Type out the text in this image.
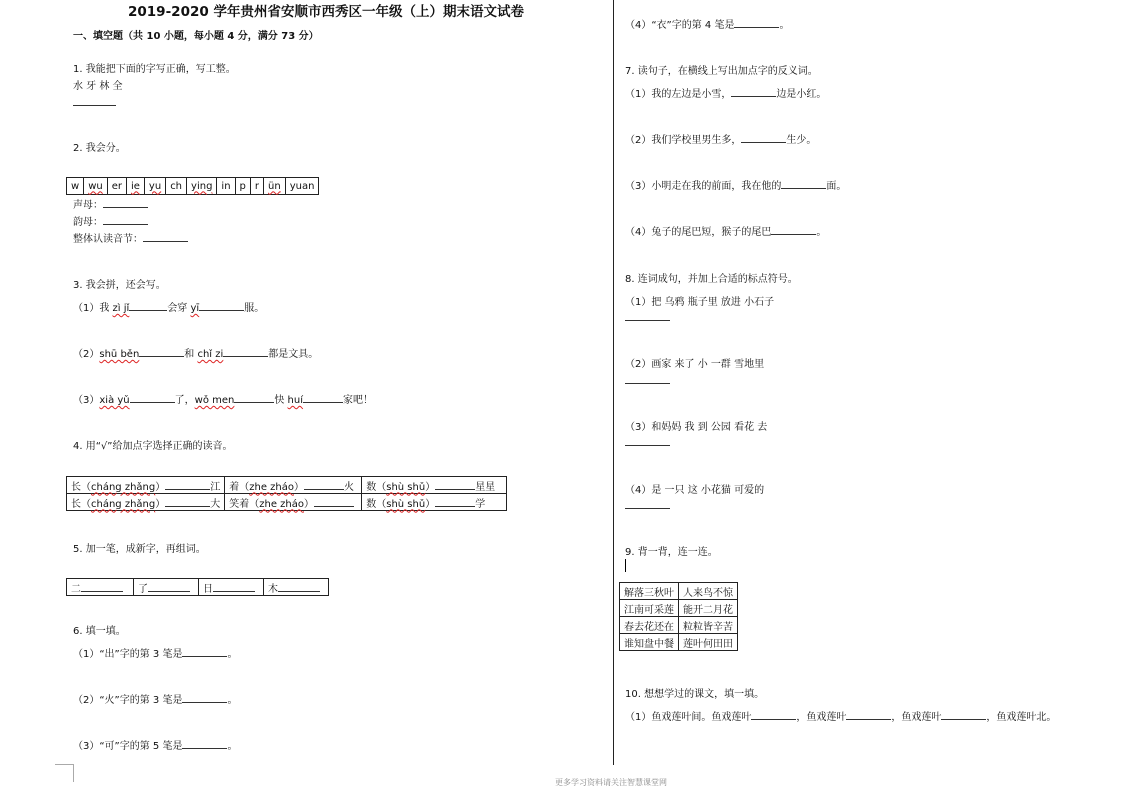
2019-2020 学年贵州省安顺市西秀区一年级（上）期末语文试卷
一、填空题（共 10 小题，每小题 4 分，满分 73 分）
1. 我能把下面的字写正确，写工整。
水 牙 林 全
2. 我会分。
w	wu	er	ie	yu	ch	ying	in	p	r	ün	yuan
声母：
韵母：
整体认读音节：
3. 我会拼，还会写。
（1）我 zì jǐ	会穿 yī	服。
（2）shū běn	和 chǐ zi	都是文具。
（3）xià yǔ	了，wǒ men	快 huí	家吧！
4. 用“√”给加点字选择正确的读音。
长（cháng zhǎng） 江	着（zhe zháo） 火	数（shù shǔ） 星星
长（cháng zhǎng） 大	笑着（zhe zháo）	数（shù shǔ） 学
5. 加一笔，成新字，再组词。
二	了	日	木
6. 填一填。
（1）“出”字的第 3 笔是	。
（2）“火”字的第 3 笔是	。
（3）“可”字的第 5 笔是	。
（4）“衣”字的第 4 笔是	。
7. 读句子，在横线上写出加点字的反义词。
（1）我的左边是小雪，	边是小红。
（2）我们学校里男生多，	生少。
（3）小明走在我的前面，我在他的	面。
（4）兔子的尾巴短，猴子的尾巴	。
8. 连词成句，并加上合适的标点符号。
（1）把 乌鸦 瓶子里 放进 小石子
（2）画家 来了 小 一群 雪地里
（3）和妈妈 我 到 公园 看花 去
（4）是 一只 这 小花猫 可爱的
9. 背一背，连一连。
解落三秋叶	人来鸟不惊
江南可采莲	能开二月花
春去花还在	粒粒皆辛苦
谁知盘中餐	莲叶何田田
10. 想想学过的课文，填一填。
（1）鱼戏莲叶间。鱼戏莲叶	，鱼戏莲叶	，鱼戏莲叶	，鱼戏莲叶北。
更多学习资料请关注智慧课堂网
